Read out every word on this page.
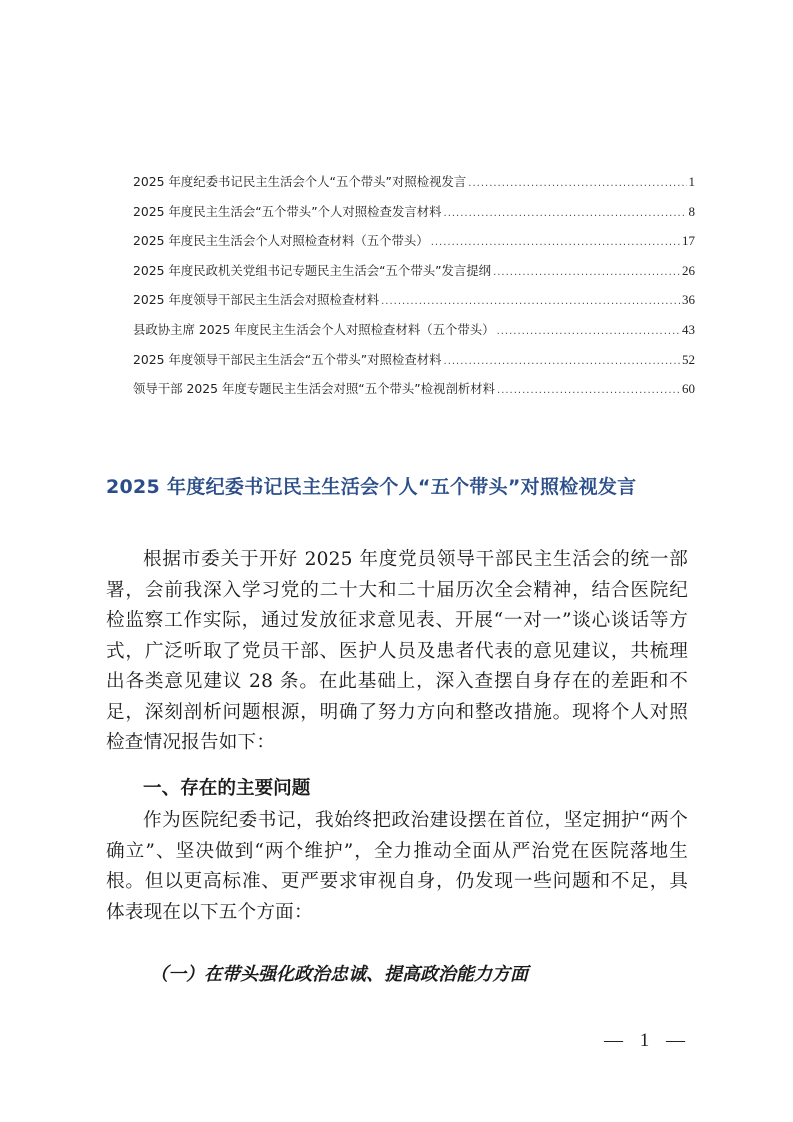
2025 年度纪委书记民主生活会个人“五个带头”对照检视发言 .....	1
2025 年度民主生活会“五个带头”个人对照检查发言材料 .....	8
2025 年度民主生活会个人对照检查材料（五个带头） .....	17
2025 年度民政机关党组书记专题民主生活会“五个带头”发言提纲 .....	26
2025 年度领导干部民主生活会对照检查材料 .....	36
县政协主席 2025 年度民主生活会个人对照检查材料（五个带头） .....	43
2025 年度领导干部民主生活会“五个带头”对照检查材料 .....	52
领导干部 2025 年度专题民主生活会对照“五个带头”检视剖析材料 .....	60
2025 年度纪委书记民主生活会个人“五个带头”对照检视发言
根据市委关于开好 2025 年度党员领导干部民主生活会的统一部署，会前我深入学习党的二十大和二十届历次全会精神，结合医院纪检监察工作实际，通过发放征求意见表、开展“一对一”谈心谈话等方式，广泛听取了党员干部、医护人员及患者代表的意见建议，共梳理出各类意见建议 28 条。在此基础上，深入查摆自身存在的差距和不足，深刻剖析问题根源，明确了努力方向和整改措施。现将个人对照检查情况报告如下：
一、存在的主要问题
作为医院纪委书记，我始终把政治建设摆在首位，坚定拥护“两个确立”、坚决做到“两个维护”，全力推动全面从严治党在医院落地生根。但以更高标准、更严要求审视自身，仍发现一些问题和不足，具体表现在以下五个方面：
（一）在带头强化政治忠诚、提高政治能力方面
— 1 —
